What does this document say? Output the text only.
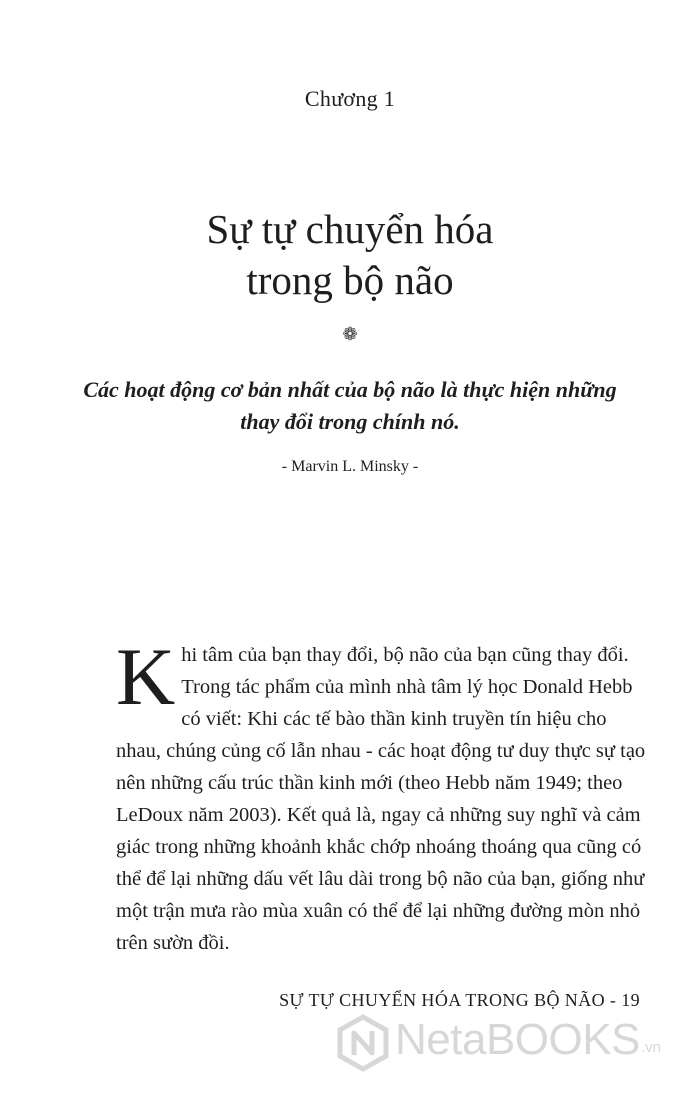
Chương 1
Sự tự chuyển hóa
trong bộ não
❁
Các hoạt động cơ bản nhất của bộ não là thực hiện những
thay đổi trong chính nó.
- Marvin L. Minsky -

K hi tâm của bạn thay đổi, bộ não của bạn cũng thay đổi. Trong tác phẩm của mình nhà tâm lý học Donald Hebb có viết: Khi các tế bào thần kinh truyền tín hiệu cho nhau, chúng củng cố lẫn nhau - các hoạt động tư duy thực sự tạo nên những cấu trúc thần kinh mới (theo Hebb năm 1949; theo LeDoux năm 2003). Kết quả là, ngay cả những suy nghĩ và cảm giác trong những khoảnh khắc chớp nhoáng thoáng qua cũng có thể để lại những dấu vết lâu dài trong bộ não của bạn, giống như một trận mưa rào mùa xuân có thể để lại những đường mòn nhỏ trên sườn đồi.

SỰ TỰ CHUYỂN HÓA TRONG BỘ NÃO - 19
NetaBOOKS .vn
